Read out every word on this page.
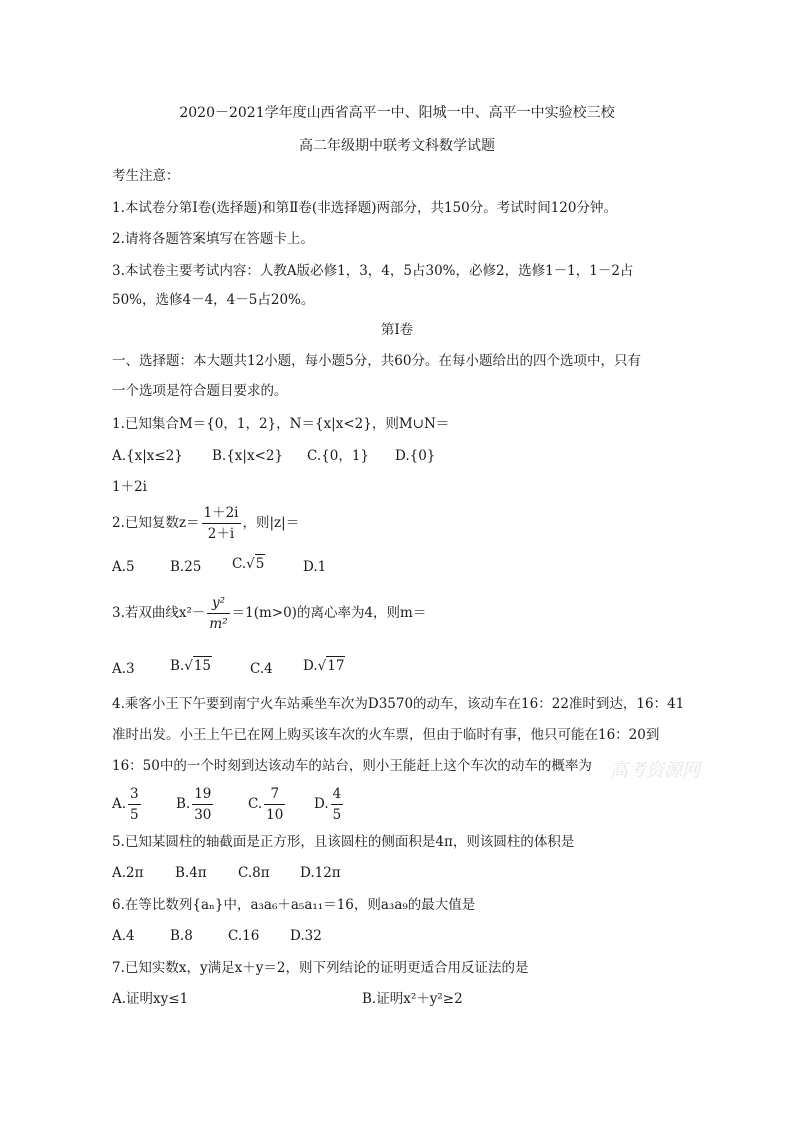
2020－2021学年度山西省高平一中、阳城一中、高平一中实验校三校
高二年级期中联考文科数学试题
考生注意：
1.本试卷分第Ⅰ卷(选择题)和第Ⅱ卷(非选择题)两部分，共150分。考试时间120分钟。
2.请将各题答案填写在答题卡上。
3.本试卷主要考试内容：人教A版必修1，3，4，5占30%，必修2，选修1－1，1－2占
50%，选修4－4，4－5占20%。
第Ⅰ卷
一、选择题：本大题共12小题，每小题5分，共60分。在每小题给出的四个选项中，只有
一个选项是符合题目要求的。
1.已知集合M＝{0，1，2}，N＝{x|x<2}，则M∪N＝
A.{x|x≤2} B.{x|x<2} C.{0，1} D.{0}
1＋2i
2.已知复数$z= \frac{1+2i}{2+i}$ ，则|z|＝
A.5	B.25 C.√5	D.1
3.若双曲线$x^2- \frac{\text{y²}}{\text{m²}} =1(m>0)$的离心率为4，则m＝
A.3	B.√15	C.4 D.√17
4.乘客小王下午要到南宁火车站乘坐车次为D3570的动车，该动车在16：22准时到达，16：41
准时出发。小王上午已在网上购买该车次的火车票，但由于临时有事，他只可能在16：20到
16：50中的一个时刻到达该动车的站台，则小王能赶上这个车次的动车的概率为 高考资源网
A. $\frac{3}{5}$	B. $\frac{19}{30}$	C. $\frac{7}{10} D$. $\frac{4}{5}$
5.已知某圆柱的轴截面是正方形，且该圆柱的侧面积是4π，则该圆柱的体积是
A.2π B.4π C.8π D.12π
6.在等比数列{aₙ}中，a₃a₆＋a₅a₁₁＝16，则a₃a₉的最大值是
A.4	B.8	C.16 D.32
7.已知实数x，y满足x＋y＝2，则下列结论的证明更适合用反证法的是
A.证明xy≤1	B.证明x²＋y²≥2
